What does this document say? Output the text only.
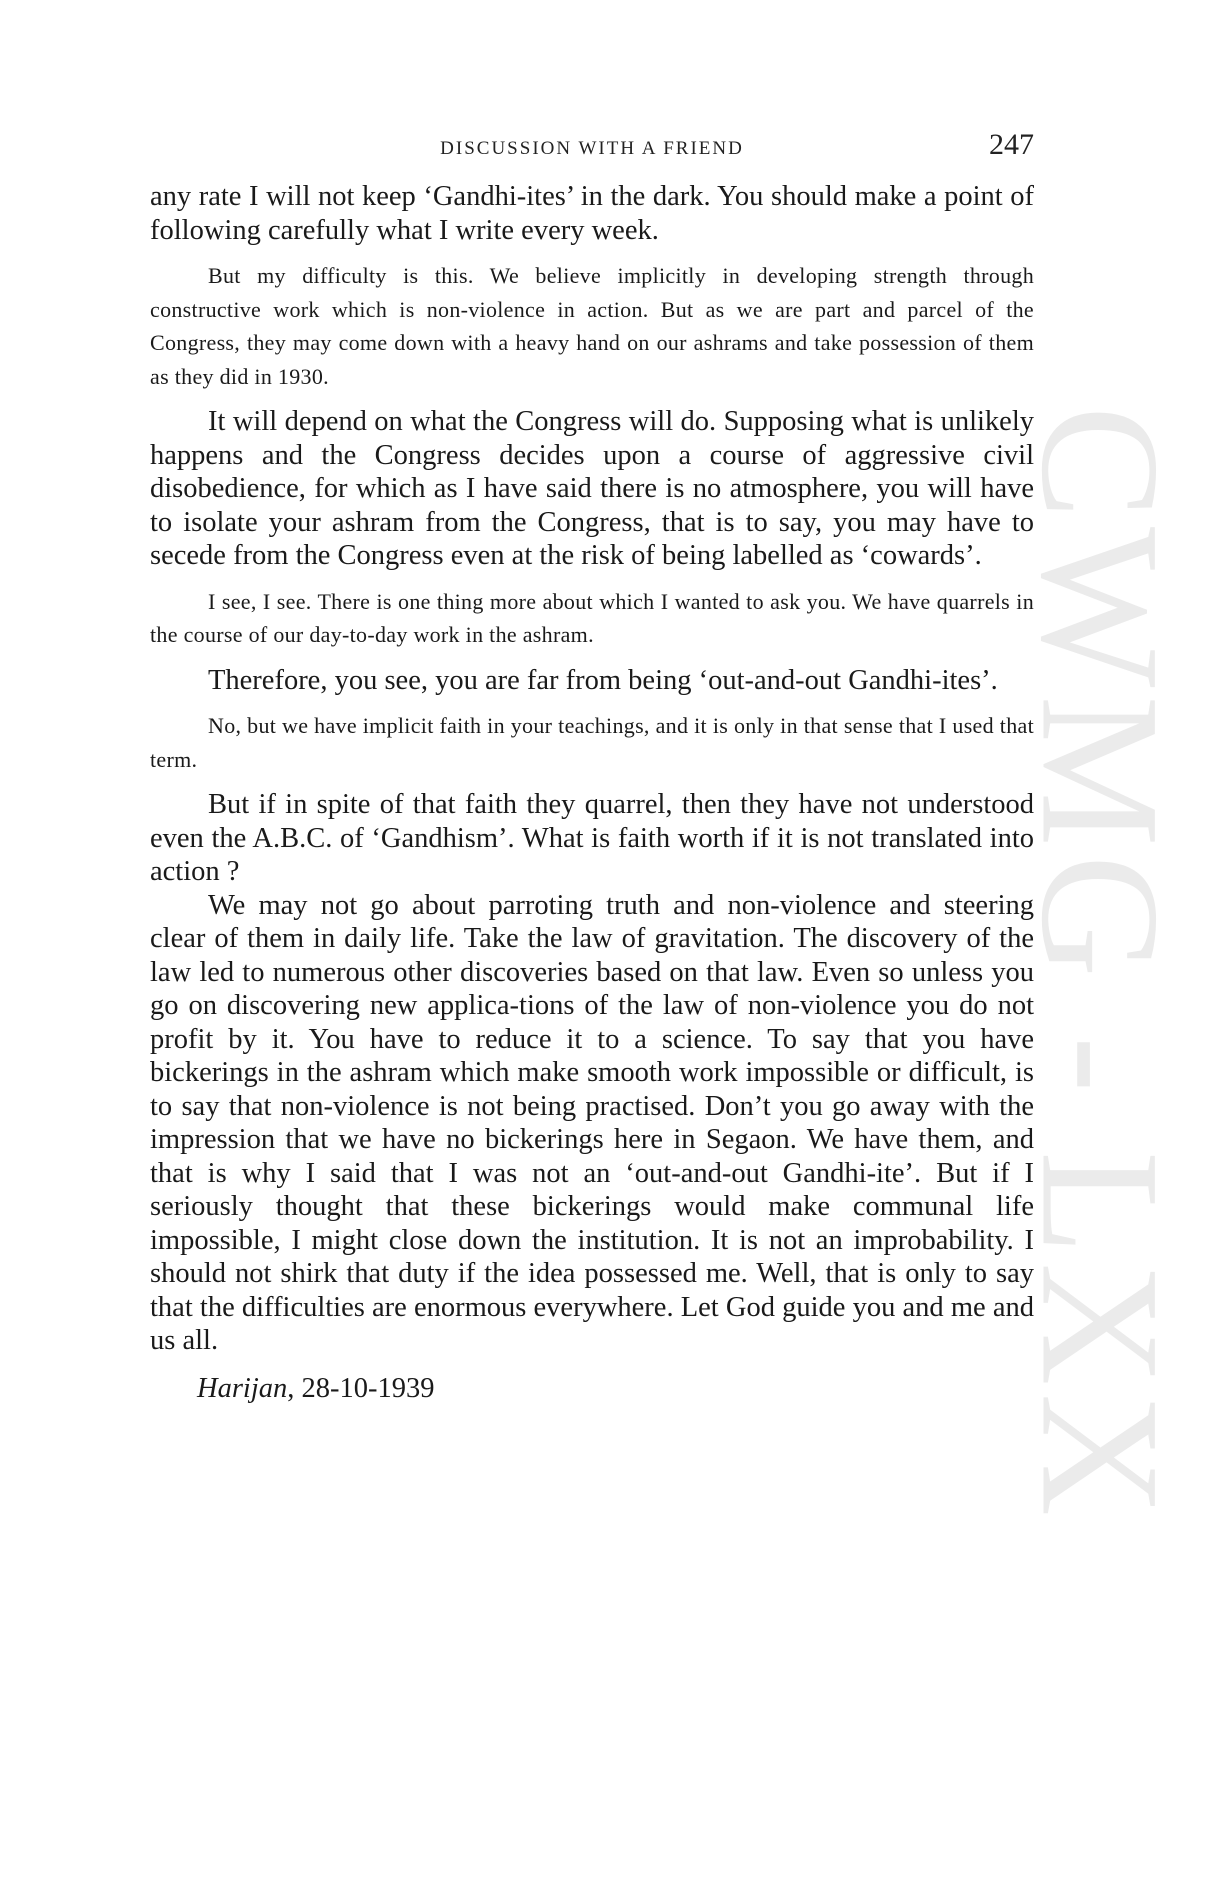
CWMG - LXX
DISCUSSION WITH A FRIEND	247

any rate I will not keep ‘Gandhi-ites’ in the dark. You should make a point of following carefully what I write every week.

But my difficulty is this. We believe implicitly in developing strength through constructive work which is non-violence in action. But as we are part and parcel of the Congress, they may come down with a heavy hand on our ashrams and take possession of them as they did in 1930.

It will depend on what the Congress will do. Supposing what is unlikely happens and the Congress decides upon a course of aggressive civil disobedience, for which as I have said there is no atmosphere, you will have to isolate your ashram from the Congress, that is to say, you may have to secede from the Congress even at the risk of being labelled as ‘cowards’.

I see, I see. There is one thing more about which I wanted to ask you. We have quarrels in the course of our day-to-day work in the ashram.

Therefore, you see, you are far from being ‘out-and-out Gandhi-ites’.

No, but we have implicit faith in your teachings, and it is only in that sense that I used that term.

But if in spite of that faith they quarrel, then they have not understood even the A.B.C. of ‘Gandhism’. What is faith worth if it is not translated into action ?

We may not go about parroting truth and non-violence and steering clear of them in daily life. Take the law of gravitation. The discovery of the law led to numerous other discoveries based on that law. Even so unless you go on discovering new applica-tions of the law of non-violence you do not profit by it. You have to reduce it to a science. To say that you have bickerings in the ashram which make smooth work impossible or difficult, is to say that non-violence is not being practised. Don’t you go away with the impression that we have no bickerings here in Segaon. We have them, and that is why I said that I was not an ‘out-and-out Gandhi-ite’. But if I seriously thought that these bickerings would make communal life impossible, I might close down the institution. It is not an improbability. I should not shirk that duty if the idea possessed me. Well, that is only to say that the difficulties are enormous everywhere. Let God guide you and me and us all.

Harijan, 28-10-1939
